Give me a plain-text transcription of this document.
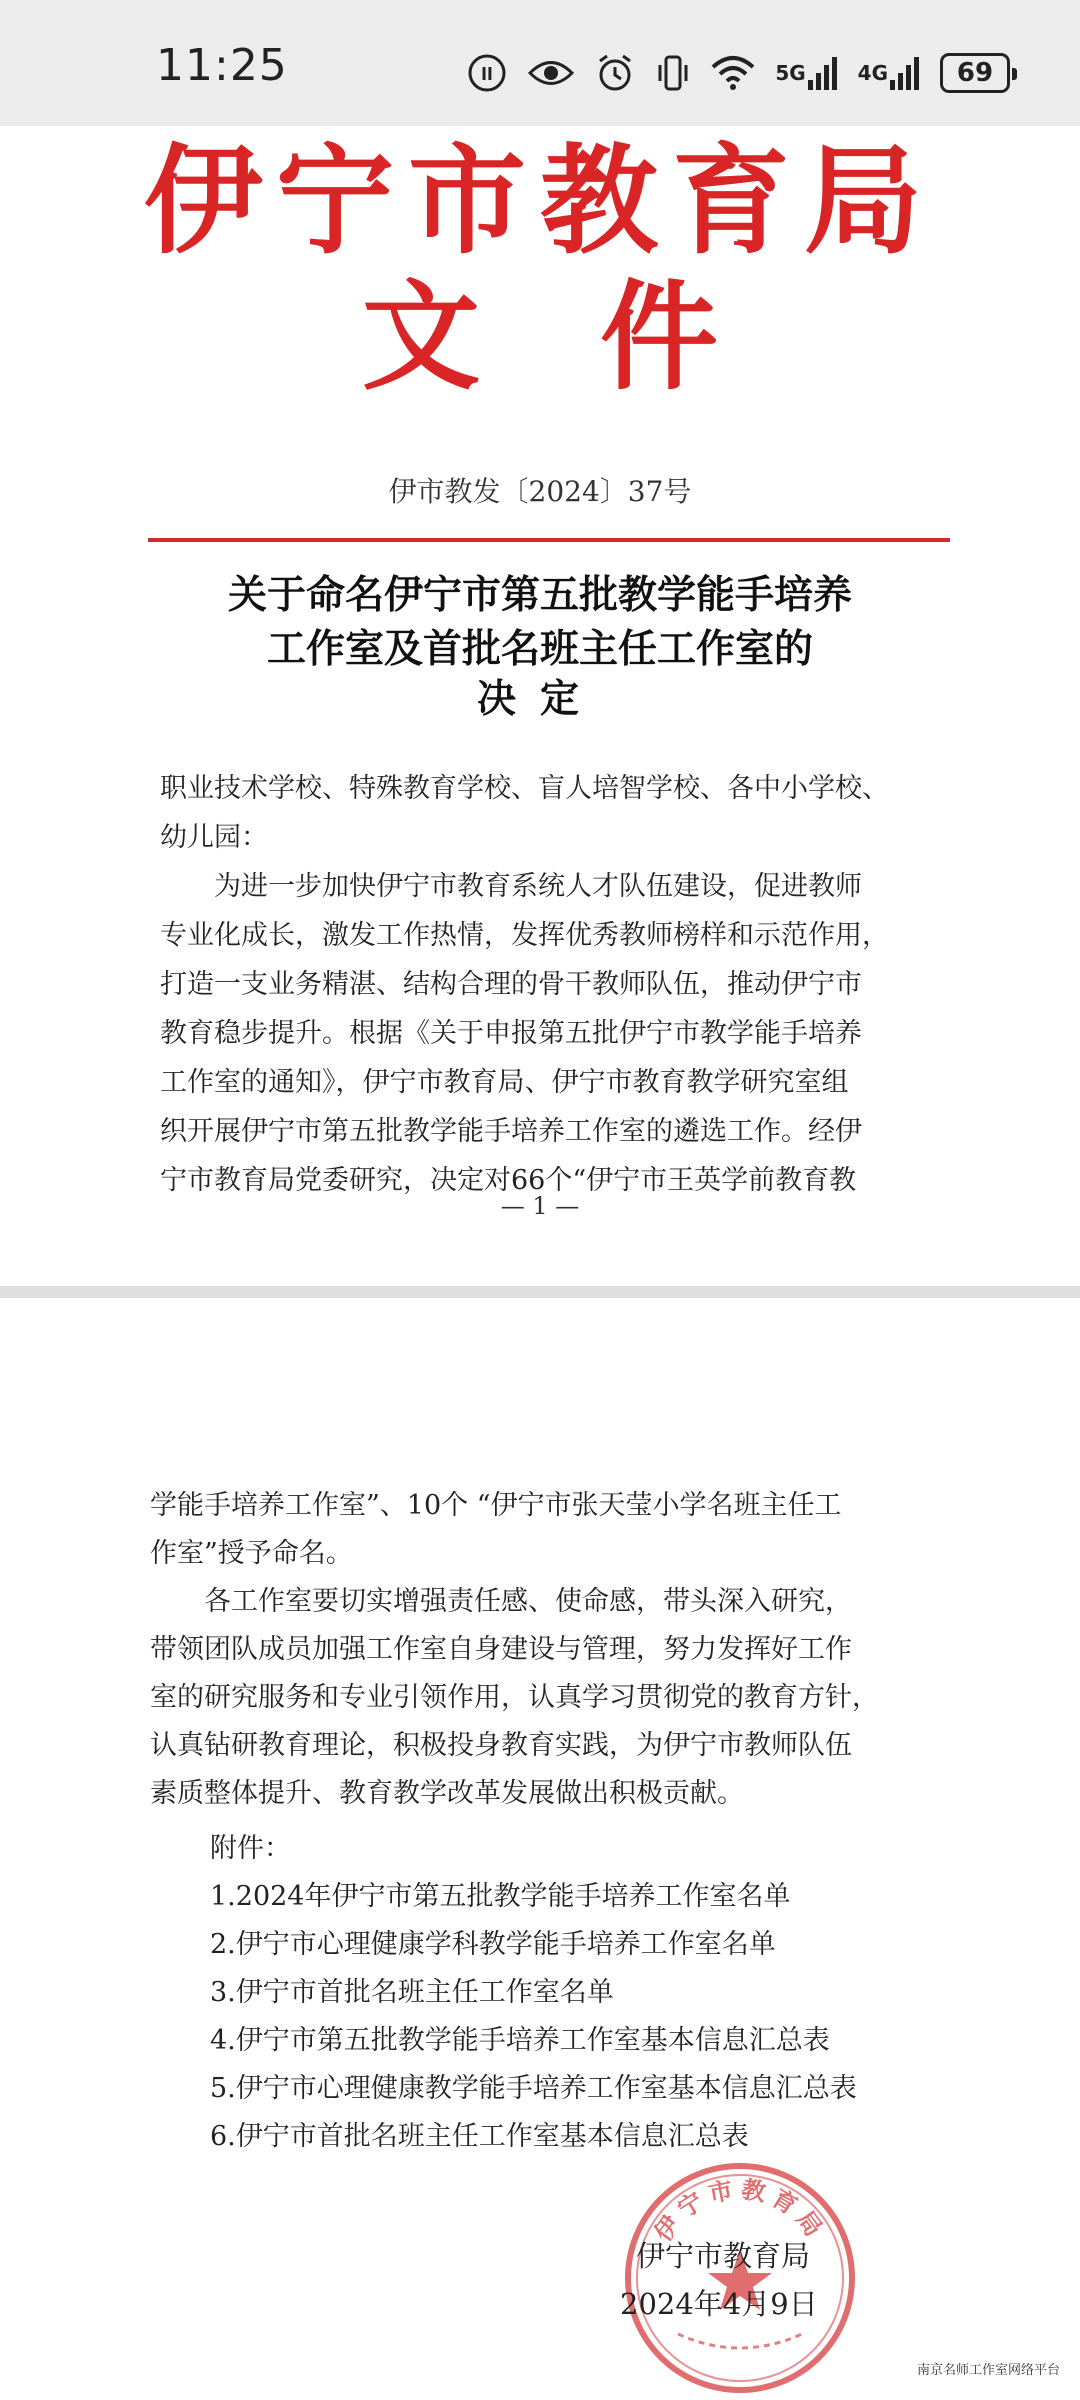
11:25	ll	5G	4G	69
伊宁市教育局
文件
伊市教发〔2024〕37号
关于命名伊宁市第五批教学能手培养
工作室及首批名班主任工作室的
决定
职业技术学校、特殊教育学校、盲人培智学校、各中小学校、
幼儿园：
　　为进一步加快伊宁市教育系统人才队伍建设，促进教师
专业化成长，激发工作热情，发挥优秀教师榜样和示范作用，
打造一支业务精湛、结构合理的骨干教师队伍，推动伊宁市
教育稳步提升。根据《关于申报第五批伊宁市教学能手培养
工作室的通知》，伊宁市教育局、伊宁市教育教学研究室组
织开展伊宁市第五批教学能手培养工作室的遴选工作。经伊
宁市教育局党委研究，决定对66个“伊宁市王英学前教育教
— 1 —
学能手培养工作室”、10个 “伊宁市张天莹小学名班主任工
作室”授予命名。
　　各工作室要切实增强责任感、使命感，带头深入研究，
带领团队成员加强工作室自身建设与管理，努力发挥好工作
室的研究服务和专业引领作用，认真学习贯彻党的教育方针，
认真钻研教育理论，积极投身教育实践，为伊宁市教师队伍
素质整体提升、教育教学改革发展做出积极贡献。
附件：
1.2024年伊宁市第五批教学能手培养工作室名单
2.伊宁市心理健康学科教学能手培养工作室名单
3.伊宁市首批名班主任工作室名单
4.伊宁市第五批教学能手培养工作室基本信息汇总表
5.伊宁市心理健康教学能手培养工作室基本信息汇总表
6.伊宁市首批名班主任工作室基本信息汇总表
伊宁市教育局
伊宁市教育局
2024年4月9日
南京名师工作室网络平台
